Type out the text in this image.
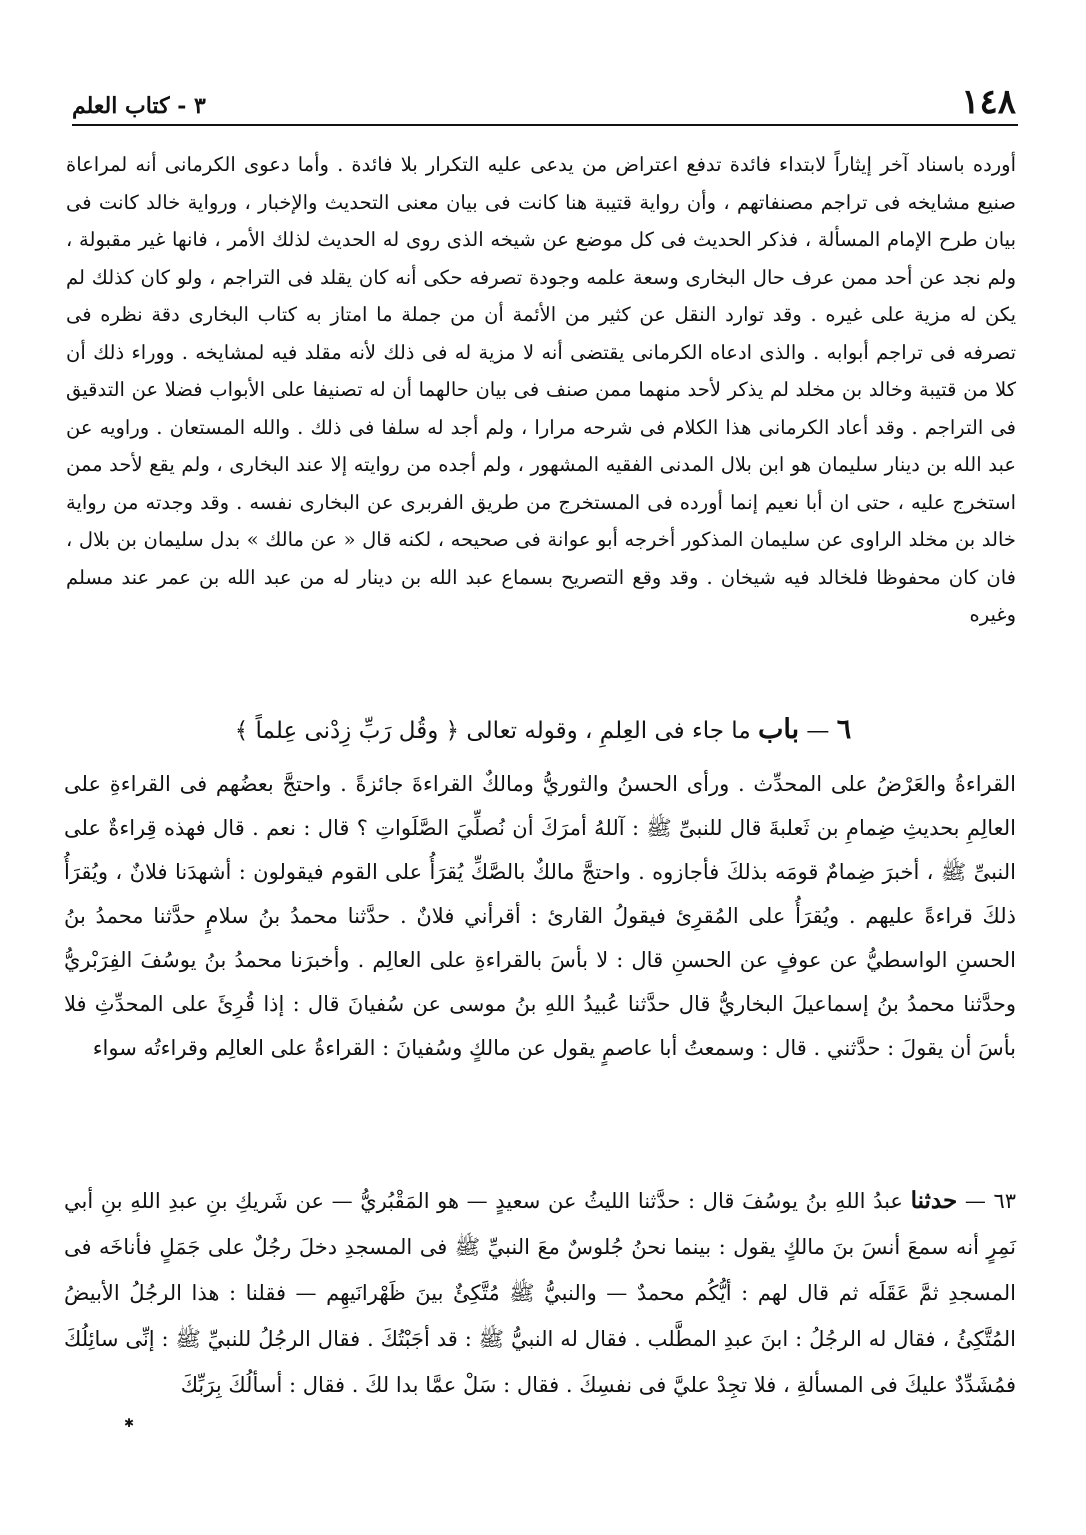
١٤٨
٣ - كتاب العلم

أورده باسناد آخر إيثاراً لابتداء فائدة تدفع اعتراض من يدعى عليه التكرار بلا فائدة . وأما دعوى الكرمانى أنه لمراعاة صنيع مشايخه فى تراجم مصنفاتهم ، وأن رواية قتيبة هنا كانت فى بيان معنى التحديث والإخبار ، ورواية خالد كانت فى بيان طرح الإمام المسألة ، فذكر الحديث فى كل موضع عن شيخه الذى روى له الحديث لذلك الأمر ، فانها غير مقبولة ، ولم نجد عن أحد ممن عرف حال البخارى وسعة علمه وجودة تصرفه حكى أنه كان يقلد فى التراجم ، ولو كان كذلك لم يكن له مزية على غيره . وقد توارد النقل عن كثير من الأئمة أن من جملة ما امتاز به كتاب البخارى دقة نظره فى تصرفه فى تراجم أبوابه . والذى ادعاه الكرمانى يقتضى أنه لا مزية له فى ذلك لأنه مقلد فيه لمشايخه . ووراء ذلك أن كلا من قتيبة وخالد بن مخلد لم يذكر لأحد منهما ممن صنف فى بيان حالهما أن له تصنيفا على الأبواب فضلا عن التدقيق فى التراجم . وقد أعاد الكرمانى هذا الكلام فى شرحه مرارا ، ولم أجد له سلفا فى ذلك . والله المستعان . وراويه عن عبد الله بن دينار سليمان هو ابن بلال المدنى الفقيه المشهور ، ولم أجده من روايته إلا عند البخارى ، ولم يقع لأحد ممن استخرج عليه ، حتى ان أبا نعيم إنما أورده فى المستخرج من طريق الفربرى عن البخارى نفسه . وقد وجدته من رواية خالد بن مخلد الراوى عن سليمان المذكور أخرجه أبو عوانة فى صحيحه ، لكنه قال « عن مالك » بدل سليمان بن بلال ، فان كان محفوظا فلخالد فيه شيخان . وقد وقع التصريح بسماع عبد الله بن دينار له من عبد الله بن عمر عند مسلم وغيره

٦ — باب ما جاء فى العِلمِ ، وقوله تعالى ﴿ وقُل رَبِّ زِدْنى عِلماً ﴾

القراءةُ والعَرْضُ على المحدِّث . ورأى الحسنُ والثوريُّ ومالكٌ القراءةَ جائزةً . واحتجَّ بعضُهم فى القراءةِ على العالِمِ بحديثِ ضِمامِ بن ثَعلبةَ قال للنبىِّ ﷺ : آللهُ أمرَكَ أن نُصلِّيَ الصَّلَواتِ ؟ قال : نعم . قال فهذه قِراءةٌ على النبىِّ ﷺ ، أخبرَ ضِمامٌ قومَه بذلكَ فأجازوه . واحتجَّ مالكٌ بالصَّكِّ يُقرَأُ على القوم فيقولون : أشهدَنا فلانٌ ، ويُقرَأُ ذلكَ قراءةً عليهم . ويُقرَأُ على المُقرِئ فيقولُ القارئ : أقرأني فلانٌ . حدَّثنا محمدُ بنُ سلامٍ حدَّثنا محمدُ بنُ الحسنِ الواسطيُّ عن عوفٍ عن الحسنِ قال : لا بأسَ بالقراءةِ على العالِم . وأخبرَنا محمدُ بنُ يوسُفَ الفِرَبْريُّ وحدَّثنا محمدُ بنُ إسماعيلَ البخاريُّ قال حدَّثنا عُبيدُ اللهِ بنُ موسى عن سُفيانَ قال : إذا قُرِئَ على المحدِّثِ فلا بأسَ أن يقولَ : حدَّثني . قال : وسمعتُ أبا عاصمٍ يقول عن مالكٍ وسُفيانَ : القراءةُ على العالِم وقراءتُه سواء

٦٣ — حدثنا عبدُ اللهِ بنُ يوسُفَ قال : حدَّثنا الليثُ عن سعيدٍ — هو المَقْبُريُّ — عن شَريكِ بنِ عبدِ اللهِ بنِ أبي نَمِرٍ أنه سمعَ أنسَ بنَ مالكٍ يقول : بينما نحنُ جُلوسٌ معَ النبيِّ ﷺ فى المسجدِ دخلَ رجُلٌ على جَمَلٍ فأناخَه فى المسجدِ ثمَّ عَقَلَه ثم قال لهم : أيُّكُم محمدٌ — والنبيُّ ﷺ مُتَّكِئٌ بينَ ظَهْرانَيهِم — فقلنا : هذا الرجُلُ الأبيضُ المُتَّكِئُ ، فقال له الرجُلُ : ابنَ عبدِ المطَّلب . فقال له النبيُّ ﷺ : قد أجَبْتُكَ . فقال الرجُلُ للنبيِّ ﷺ : إنِّى سائِلُكَ فمُشَدِّدٌ عليكَ فى المسألةِ ، فلا تجِدْ عليَّ فى نفسِكَ . فقال : سَلْ عمَّا بدا لكَ . فقال : أسألُكَ بِرَبِّكَ

✱
